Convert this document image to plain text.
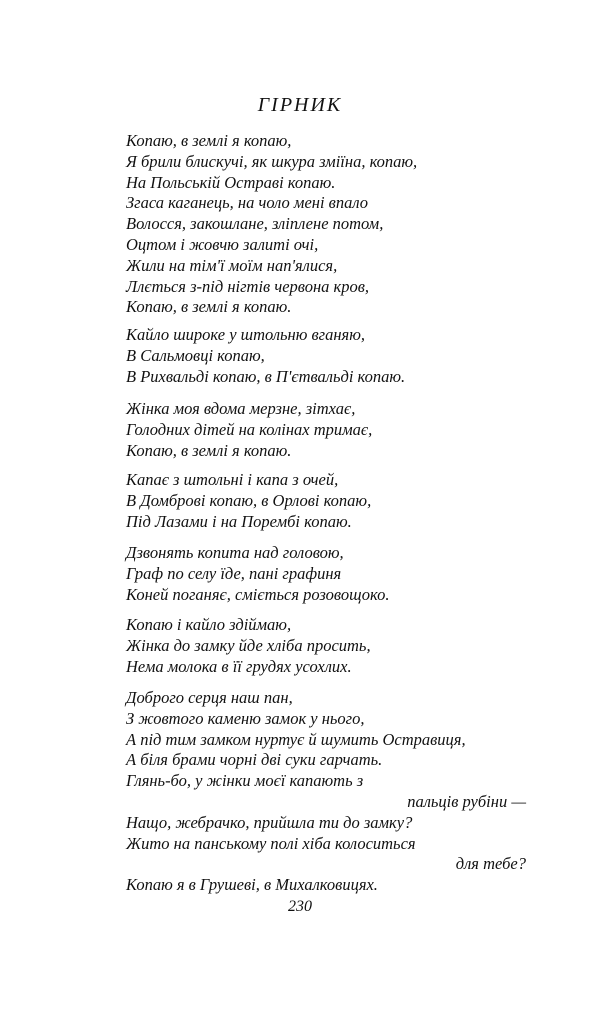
ГІРНИК
Копаю, в землі я копаю,
Я брили блискучі, як шкура зміїна, копаю,
На Польській Остраві копаю.
Згаса каганець, на чоло мені впало
Волосся, закошлане, зліплене потом,
Оцтом і жовчю залиті очі,
Жили на тім'ї моїм нап'ялися,
Ллється з-під нігтів червона кров,
Копаю, в землі я копаю.
Кайло широке у штольню вганяю,
В Сальмовці копаю,
В Рихвальді копаю, в П'єтвальді копаю.
Жінка моя вдома мерзне, зітхає,
Голодних дітей на колінах тримає,
Копаю, в землі я копаю.
Капає з штольні і капа з очей,
В Домброві копаю, в Орлові копаю,
Під Лазами і на Порембі копаю.
Дзвонять копита над головою,
Граф по селу їде, пані графиня
Коней поганяє, сміється розовощоко.
Копаю і кайло здіймаю,
Жінка до замку йде хліба просить,
Нема молока в її грудях усохлих.
Доброго серця наш пан,
З жовтого каменю замок у нього,
А під тим замком нуртує й шумить Остравиця,
А біля брами чорні дві суки гарчать.
Глянь-бо, у жінки моєї капають з
пальців рубіни —
Нащо, жебрачко, прийшла ти до замку?
Жито на панському полі хіба колоситься
для тебе?
Копаю я в Грушеві, в Михалковицях.
230
